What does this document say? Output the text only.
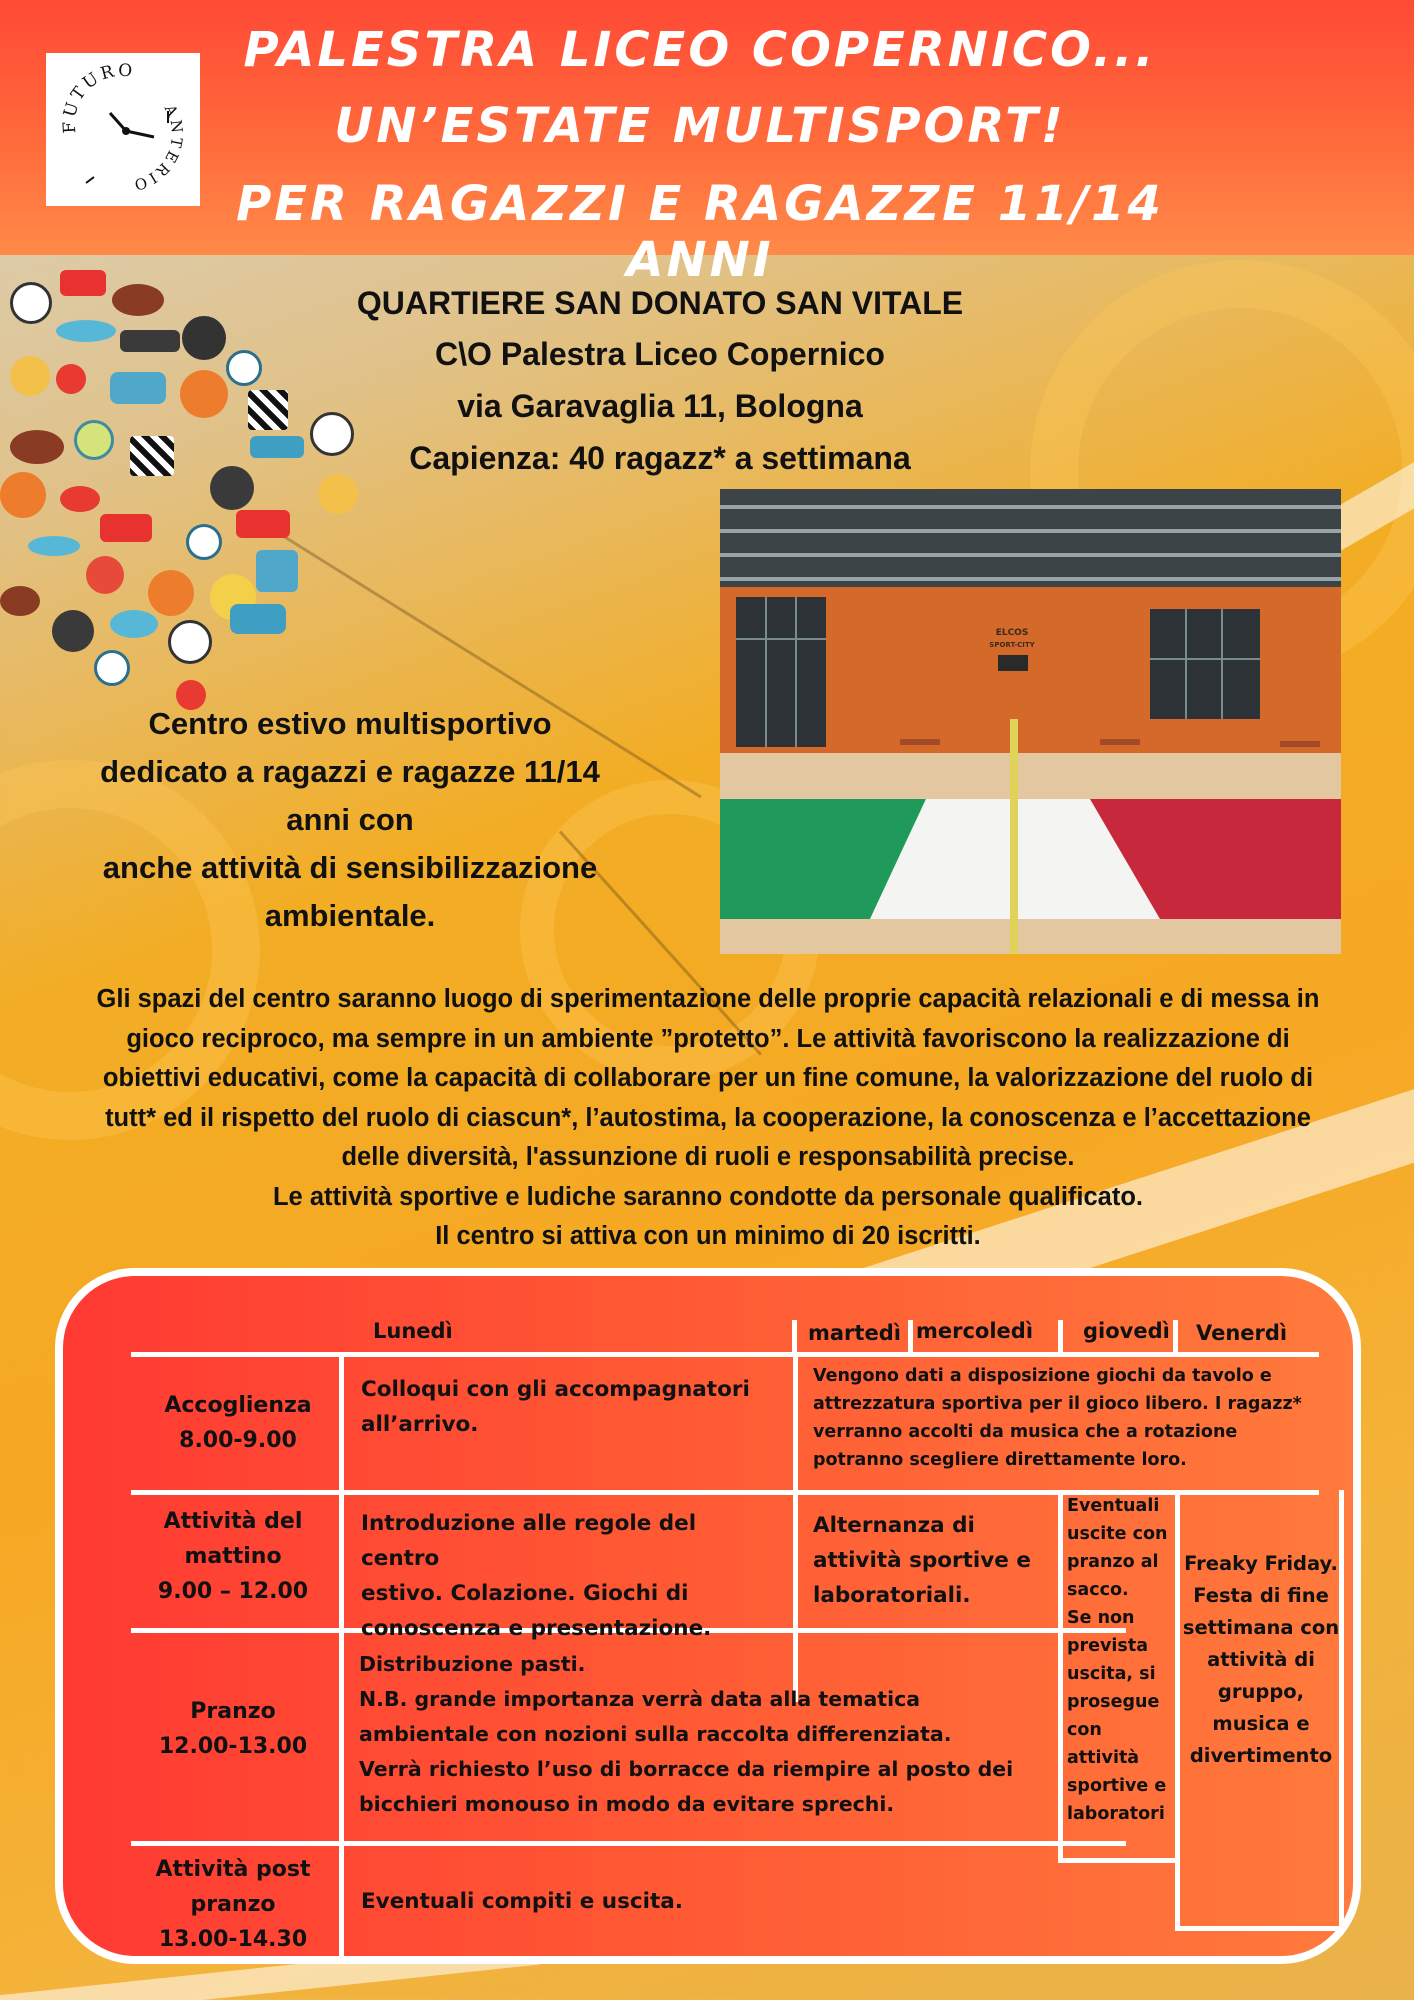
FUTURO
ANTERIO
PALESTRA LICEO COPERNICO...
UN’ESTATE MULTISPORT!
PER RAGAZZI E RAGAZZE 11/14 ANNI
QUARTIERE SAN DONATO SAN VITALE
C\O Palestra Liceo Copernico
via Garavaglia 11, Bologna
Capienza: 40 ragazz* a settimana
ELCOS
SPORT-CITY
Centro estivo multisportivo
dedicato a ragazzi e ragazze 11/14
anni con
anche attività di sensibilizzazione
ambientale.

Gli spazi del centro saranno luogo di sperimentazione delle proprie capacità relazionali e di messa in

gioco reciproco, ma sempre in un ambiente ”protetto”. Le attività favoriscono la realizzazione di

obiettivi educativi, come la capacità di collaborare per un fine comune, la valorizzazione del ruolo di

tutt* ed il rispetto del ruolo di ciascun*, l’autostima, la cooperazione, la conoscenza e l’accettazione

delle diversità, l'assunzione di ruoli e responsabilità precise.

Le attività sportive e ludiche saranno condotte da personale qualificato.

Il centro si attiva con un minimo di 20 iscritti.

Lunedì	martedì mercoledì giovedì Venerdì
Accoglienza
8.00-9.00
Attività del
mattino
9.00 – 12.00
Pranzo
12.00-13.00
Attività post
pranzo
13.00-14.30
Colloqui con gli accompagnatori
all’arrivo.
Vengono dati a disposizione giochi da tavolo e
attrezzatura sportiva per il gioco libero. I ragazz*
verranno accolti da musica che a rotazione
potranno scegliere direttamente loro.
Introduzione alle regole del centro
estivo. Colazione. Giochi di
conoscenza e presentazione.
Alternanza di
attività sportive e
laboratoriali.
Eventuali
uscite con
pranzo al
sacco.
Se non
prevista
uscita, si
prosegue
con
attività
sportive e
laboratori
Freaky Friday.
Festa di fine
settimana con
attività di
gruppo,
musica e
divertimento
Distribuzione pasti.
N.B. grande importanza verrà data alla tematica
ambientale con nozioni sulla raccolta differenziata.
Verrà richiesto l’uso di borracce da riempire al posto dei
bicchieri monouso in modo da evitare sprechi.
Eventuali compiti e uscita.
